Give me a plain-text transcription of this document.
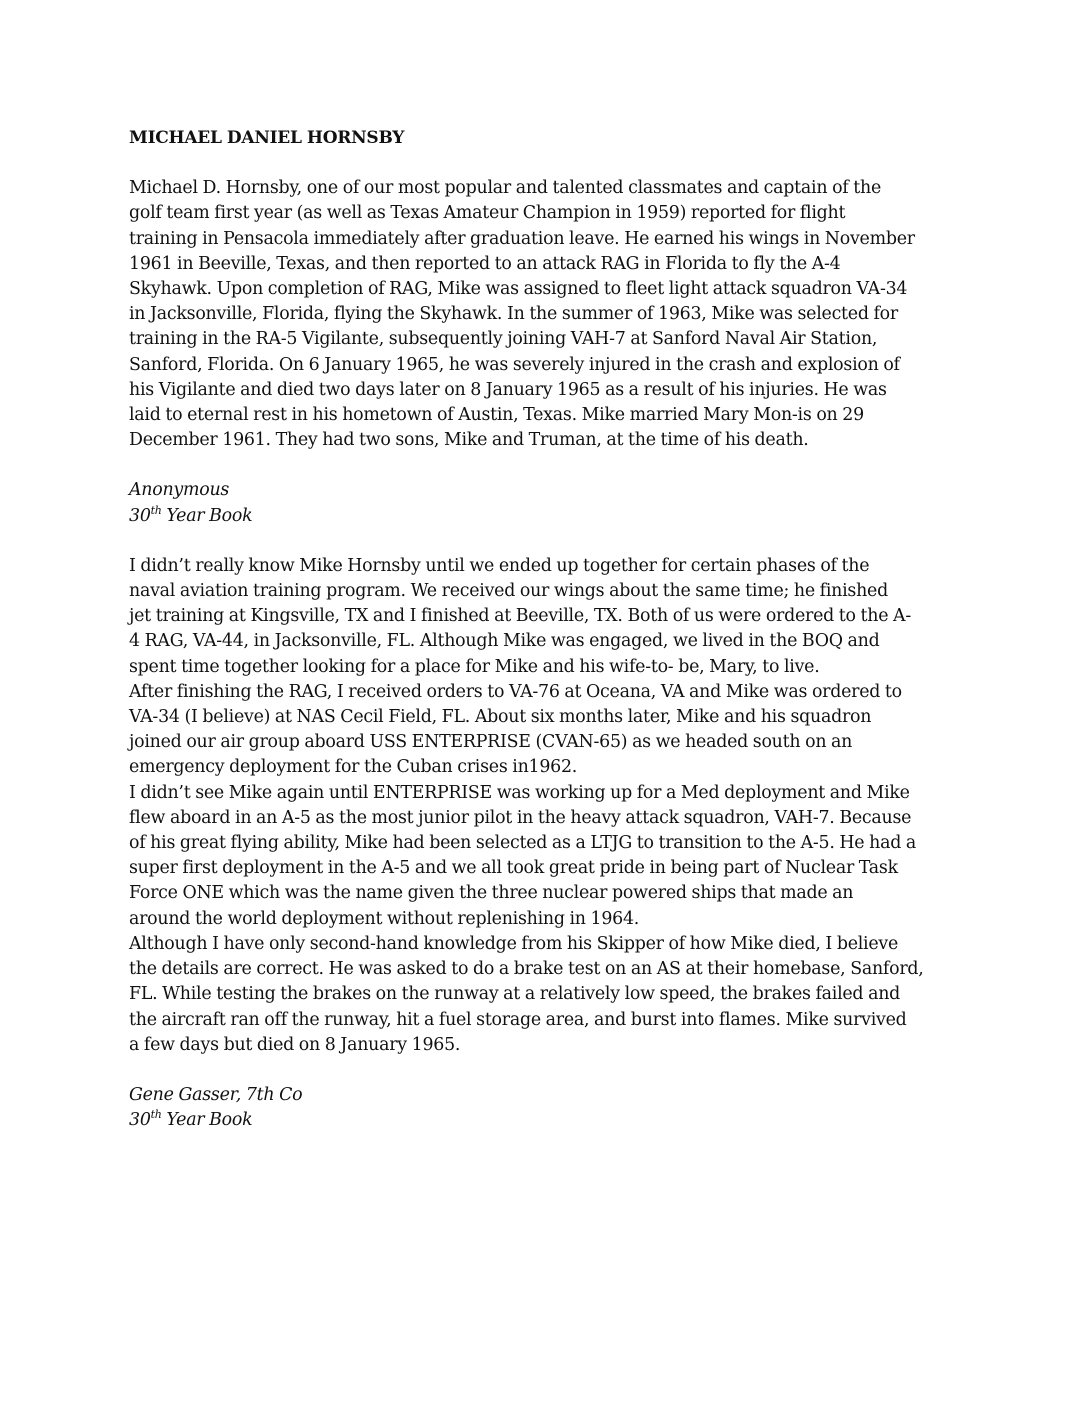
MICHAEL DANIEL HORNSBY
Michael D. Hornsby, one of our most popular and talented classmates and captain of the
golf team first year (as well as Texas Amateur Champion in 1959) reported for flight
training in Pensacola immediately after graduation leave. He earned his wings in November
1961 in Beeville, Texas, and then reported to an attack RAG in Florida to fly the A-4
Skyhawk. Upon completion of RAG, Mike was assigned to fleet light attack squadron VA-34
in Jacksonville, Florida, flying the Skyhawk. In the summer of 1963, Mike was selected for
training in the RA-5 Vigilante, subsequently joining VAH-7 at Sanford Naval Air Station,
Sanford, Florida. On 6 January 1965, he was severely injured in the crash and explosion of
his Vigilante and died two days later on 8 January 1965 as a result of his injuries. He was
laid to eternal rest in his hometown of Austin, Texas. Mike married Mary Mon-is on 29
December 1961. They had two sons, Mike and Truman, at the time of his death.
Anonymous
30th Year Book
I didn’t really know Mike Hornsby until we ended up together for certain phases of the
naval aviation training program. We received our wings about the same time; he finished
jet training at Kingsville, TX and I finished at Beeville, TX. Both of us were ordered to the A-
4 RAG, VA-44, in Jacksonville, FL. Although Mike was engaged, we lived in the BOQ and
spent time together looking for a place for Mike and his wife-to- be, Mary, to live.
After finishing the RAG, I received orders to VA-76 at Oceana, VA and Mike was ordered to
VA-34 (I believe) at NAS Cecil Field, FL. About six months later, Mike and his squadron
joined our air group aboard USS ENTERPRISE (CVAN-65) as we headed south on an
emergency deployment for the Cuban crises in1962.
I didn’t see Mike again until ENTERPRISE was working up for a Med deployment and Mike
flew aboard in an A-5 as the most junior pilot in the heavy attack squadron, VAH-7. Because
of his great flying ability, Mike had been selected as a LTJG to transition to the A-5. He had a
super first deployment in the A-5 and we all took great pride in being part of Nuclear Task
Force ONE which was the name given the three nuclear powered ships that made an
around the world deployment without replenishing in 1964.
Although I have only second-hand knowledge from his Skipper of how Mike died, I believe
the details are correct. He was asked to do a brake test on an AS at their homebase, Sanford,
FL. While testing the brakes on the runway at a relatively low speed, the brakes failed and
the aircraft ran off the runway, hit a fuel storage area, and burst into flames. Mike survived
a few days but died on 8 January 1965.
Gene Gasser, 7th Co
30th Year Book
